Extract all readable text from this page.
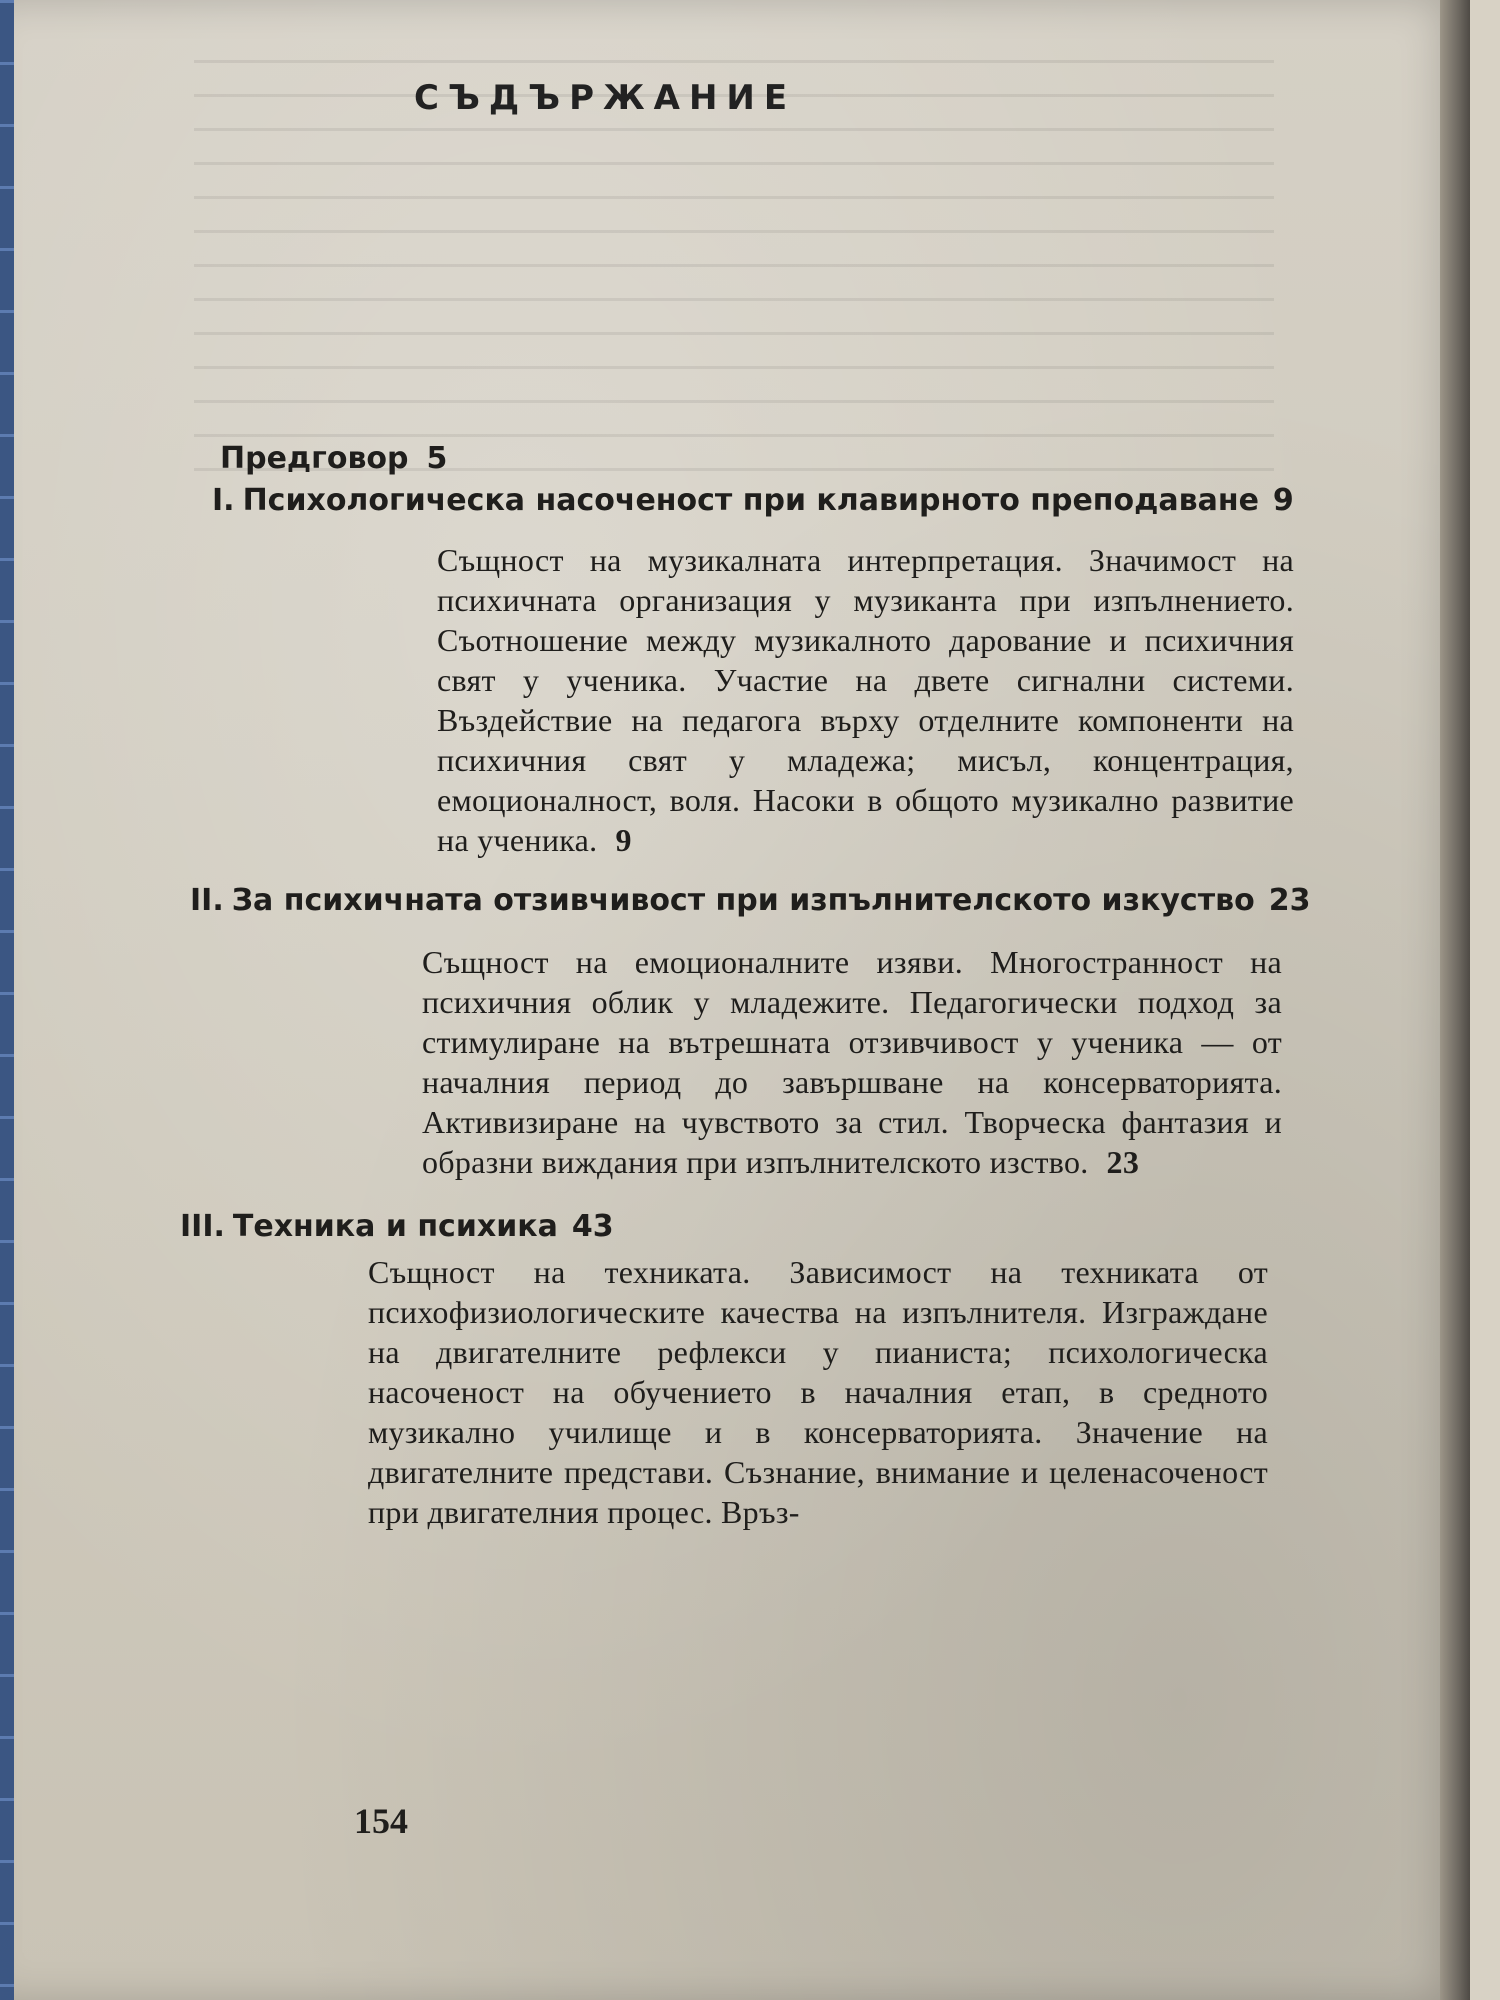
СЪДЪРЖАНИЕ
Предговор 5
I. Психологическа насоченост при клавирното преподаване 9
Същност на музикалната интерпретация. Значимост на психичната организация у музиканта при изпълнението. Съотношение между музикалното дарование и психичния свят у ученика. Участие на двете сигнални системи. Въздействие на педагога върху отделните компоненти на психичния свят у младежа; мисъл, концентрация, емоционалност, воля. Насоки в общото музикално развитие на ученика. 9
II. За психичната отзивчивост при изпълнителското изкуство 23
Същност на емоционалните изяви. Многостранност на психичния облик у младежите. Педагогически подход за стимулиране на вътрешната отзивчивост у ученика — от началния период до завършване на консерваторията. Активизиране на чувството за стил. Творческа фантазия и образни виждания при изпълнителското изство. 23
III. Техника и психика 43
Същност на техниката. Зависимост на техниката от психофизиологическите качества на изпълнителя. Изграждане на двигателните рефлекси у пианиста; психологическа насоченост на обучението в началния етап, в средното музикално училище и в консерваторията. Значение на двигателните представи. Съзнание, внимание и целенасоченост при двигателния процес. Връз-
154
